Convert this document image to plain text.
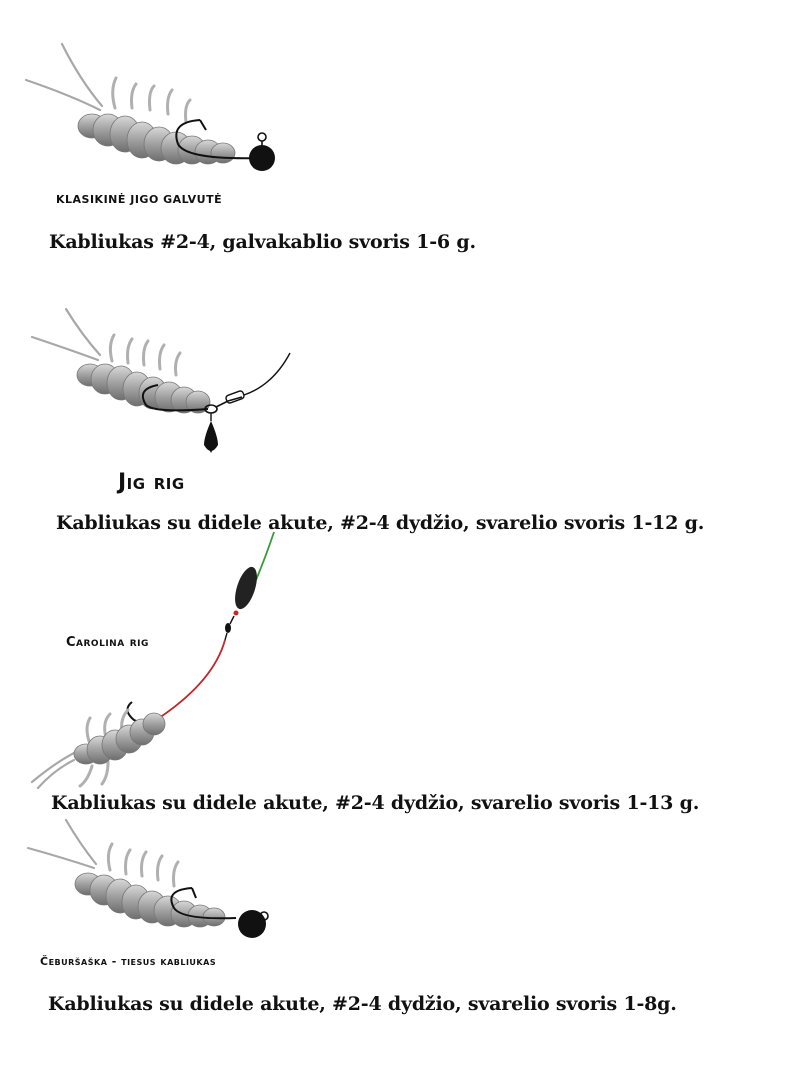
KLASIKINĖ JIGO GALVUTĖ
Kabliukas #2-4, galvakablio svoris 1-6 g.
Jig rig
Kabliukas su didele akute, #2-4 dydžio, svarelio svoris 1-12 g.
Carolina rig
Kabliukas su didele akute, #2-4 dydžio, svarelio svoris 1-13 g.
Čeburšaška - tiesus kabliukas
Kabliukas su didele akute, #2-4 dydžio, svarelio svoris 1-8g.
